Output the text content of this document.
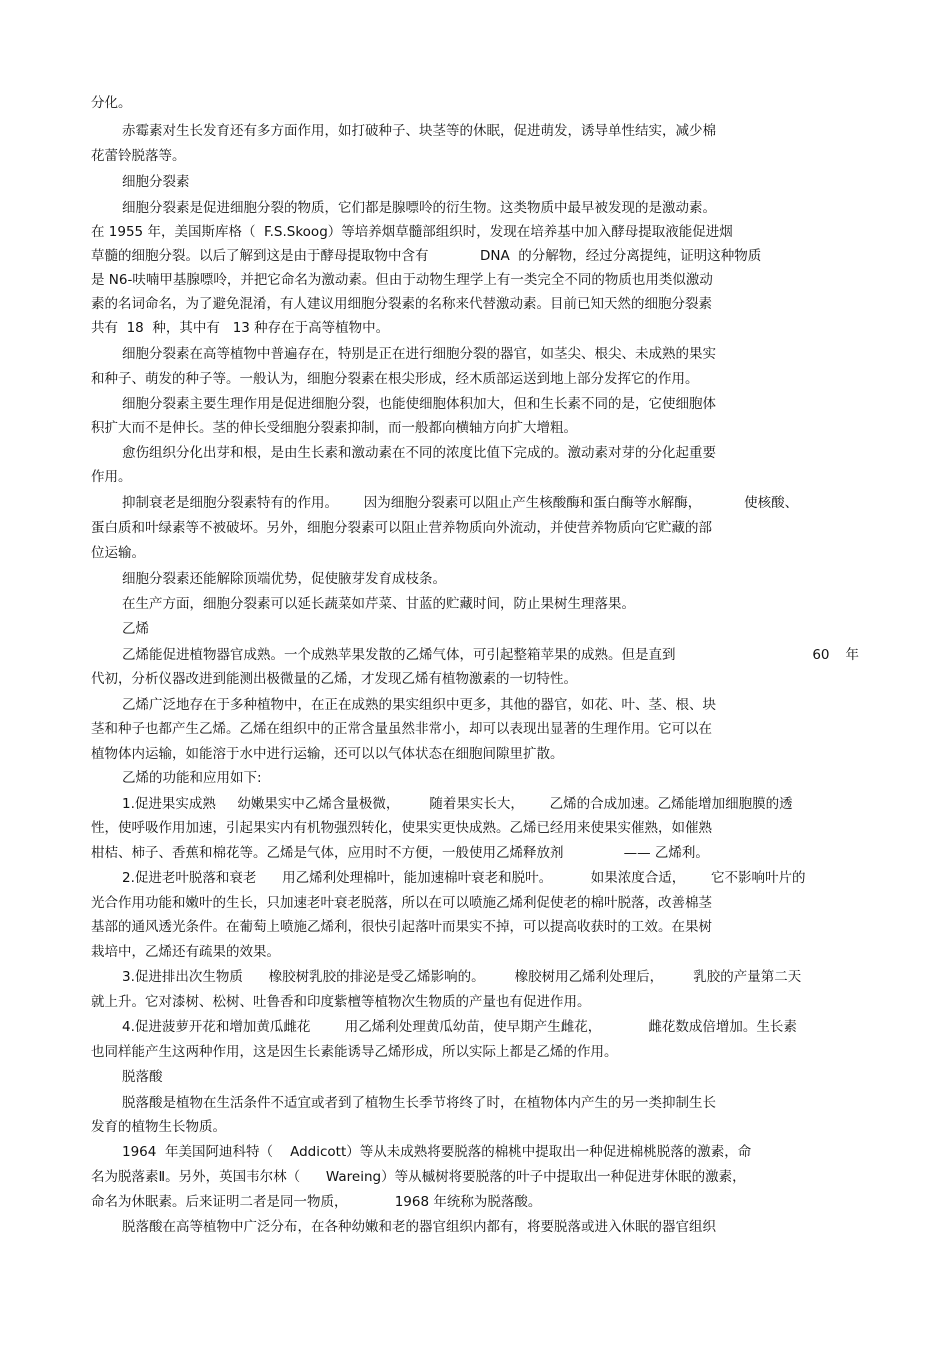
分化。
赤霉素对生长发育还有多方面作用，如打破种子、块茎等的休眠，促进萌发，诱导单性结实，减少棉
花蕾铃脱落等。
细胞分裂素
细胞分裂素是促进细胞分裂的物质，它们都是腺嘌呤的衍生物。这类物质中最早被发现的是激动素。
在 1955 年，美国斯库格（  F.S.Skoog）等培养烟草髓部组织时，发现在培养基中加入酵母提取液能促进烟
草髓的细胞分裂。以后了解到这是由于酵母提取物中含有            DNA  的分解物，经过分离提纯，证明这种物质
是 N6-呋喃甲基腺嘌呤，并把它命名为激动素。但由于动物生理学上有一类完全不同的物质也用类似激动
素的名词命名，为了避免混淆，有人建议用细胞分裂素的名称来代替激动素。目前已知天然的细胞分裂素
共有  18  种，其中有   13 种存在于高等植物中。
细胞分裂素在高等植物中普遍存在，特别是正在进行细胞分裂的器官，如茎尖、根尖、未成熟的果实
和种子、萌发的种子等。一般认为，细胞分裂素在根尖形成，经木质部运送到地上部分发挥它的作用。
细胞分裂素主要生理作用是促进细胞分裂，也能使细胞体积加大，但和生长素不同的是，它使细胞体
积扩大而不是伸长。茎的伸长受细胞分裂素抑制，而一般都向横轴方向扩大增粗。
愈伤组织分化出芽和根，是由生长素和激动素在不同的浓度比值下完成的。激动素对芽的分化起重要
作用。
抑制衰老是细胞分裂素特有的作用。      因为细胞分裂素可以阻止产生核酸酶和蛋白酶等水解酶，          使核酸、
蛋白质和叶绿素等不被破坏。另外，细胞分裂素可以阻止营养物质向外流动，并使营养物质向它贮藏的部
位运输。
细胞分裂素还能解除顶端优势，促使腋芽发育成枝条。
在生产方面，细胞分裂素可以延长蔬菜如芹菜、甘蓝的贮藏时间，防止果树生理落果。
乙烯
乙烯能促进植物器官成熟。一个成熟苹果发散的乙烯气体，可引起整箱苹果的成熟。但是直到	60 年
代初，分析仪器改进到能测出极微量的乙烯，才发现乙烯有植物激素的一切特性。
乙烯广泛地存在于多种植物中，在正在成熟的果实组织中更多，其他的器官，如花、叶、茎、根、块
茎和种子也都产生乙烯。乙烯在组织中的正常含量虽然非常小，却可以表现出显著的生理作用。它可以在
植物体内运输，如能溶于水中进行运输，还可以以气体状态在细胞间隙里扩散。
乙烯的功能和应用如下:
1.促进果实成熟     幼嫩果实中乙烯含量极微，       随着果实长大，      乙烯的合成加速。乙烯能增加细胞膜的透
性，使呼吸作用加速，引起果实内有机物强烈转化，使果实更快成熟。乙烯已经用来使果实催熟，如催熟
柑桔、柿子、香蕉和棉花等。乙烯是气体，应用时不方便，一般使用乙烯释放剂              —— 乙烯利。
2.促进老叶脱落和衰老      用乙烯利处理棉叶，能加速棉叶衰老和脱叶。         如果浓度合适，      它不影响叶片的
光合作用功能和嫩叶的生长，只加速老叶衰老脱落，所以在可以喷施乙烯利促使老的棉叶脱落，改善棉茎
基部的通风透光条件。在葡萄上喷施乙烯利，很快引起落叶而果实不掉，可以提高收获时的工效。在果树
栽培中，乙烯还有疏果的效果。
3.促进排出次生物质      橡胶树乳胶的排泌是受乙烯影响的。       橡胶树用乙烯利处理后，       乳胶的产量第二天
就上升。它对漆树、松树、吐鲁香和印度紫檀等植物次生物质的产量也有促进作用。
4.促进菠萝开花和增加黄瓜雌花        用乙烯利处理黄瓜幼苗，使早期产生雌花，           雌花数成倍增加。生长素
也同样能产生这两种作用，这是因生长素能诱导乙烯形成，所以实际上都是乙烯的作用。
脱落酸
脱落酸是植物在生活条件不适宜或者到了植物生长季节将终了时，在植物体内产生的另一类抑制生长
发育的植物生长物质。
1964  年美国阿迪科特（    Addicott）等从未成熟将要脱落的棉桃中提取出一种促进棉桃脱落的激素，命
名为脱落素Ⅱ。另外，英国韦尔林（      Wareing）等从槭树将要脱落的叶子中提取出一种促进芽休眠的激素，
命名为休眠素。后来证明二者是同一物质，           1968 年统称为脱落酸。
脱落酸在高等植物中广泛分布，在各种幼嫩和老的器官组织内都有，将要脱落或进入休眠的器官组织
